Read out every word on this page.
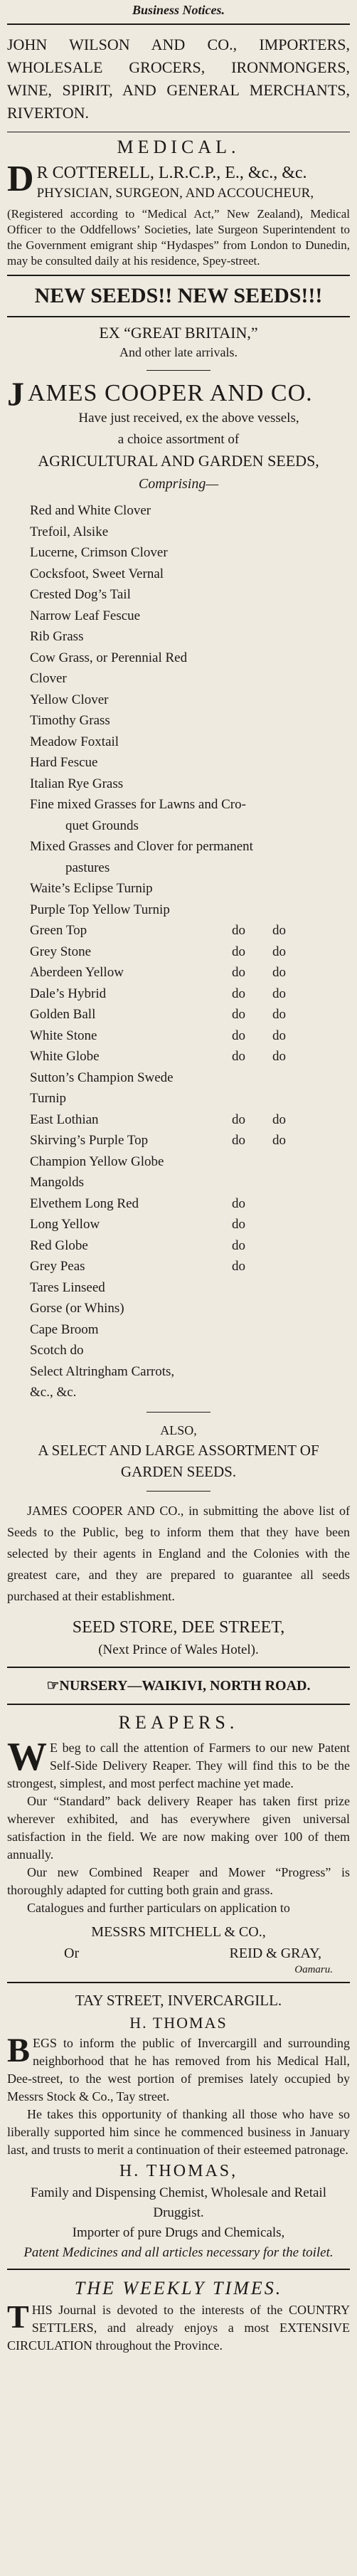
Business Notices.
JOHN WILSON AND CO., IMPORTERS, WHOLESALE GROCERS, IRONMONGERS, WINE, SPIRIT, AND GENERAL MERCHANTS, RIVERTON.
MEDICAL.

D R COTTERELL, L.R.C.P., E., &c., &c.

PHYSICIAN, SURGEON, AND ACCOUCHEUR,

(Registered according to “Medical Act,” New Zealand), Medical Officer to the Oddfellows’ Societies, late Surgeon Superintendent to the Government emigrant ship “Hydaspes” from London to Dunedin, may be consulted daily at his residence, Spey-street.

NEW SEEDS!! NEW SEEDS!!!
EX “GREAT BRITAIN,”
And other late arrivals.
J AMES COOPER AND CO.
Have just received, ex the above vessels,
a choice assortment of
AGRICULTURAL AND GARDEN SEEDS,
Comprising—
Red and White Clover
Trefoil, Alsike
Lucerne, Crimson Clover
Cocksfoot, Sweet Vernal
Crested Dog’s Tail
Narrow Leaf Fescue
Rib Grass
Cow Grass, or Perennial Red Clover
Yellow Clover
Timothy Grass
Meadow Foxtail
Hard Fescue
Italian Rye Grass
Fine mixed Grasses for Lawns and Cro-
quet Grounds
Mixed Grasses and Clover for permanent
pastures
Waite’s Eclipse Turnip
Purple Top Yellow Turnip
Green Top	do        do
Grey Stone	do        do
Aberdeen Yellow	do        do
Dale’s Hybrid	do        do
Golden Ball	do        do
White Stone	do        do
White Globe	do        do
Sutton’s Champion Swede Turnip
East Lothian	do        do
Skirving’s Purple Top	do        do
Champion Yellow Globe Mangolds
Elvethem Long Red	do
Long Yellow	do
Red Globe	do
Grey Peas	do
Tares Linseed
Gorse (or Whins)
Cape Broom
Scotch do
Select Altringham Carrots, &c., &c.
ALSO,
A SELECT AND LARGE ASSORTMENT OF GARDEN SEEDS.
JAMES COOPER AND CO., in submitting the above list of Seeds to the Public, beg to inform them that they have been selected by their agents in England and the Colonies with the greatest care, and they are prepared to guarantee all seeds purchased at their establishment.
SEED STORE, DEE STREET,
(Next Prince of Wales Hotel).
☞NURSERY—WAIKIVI, NORTH ROAD.
REAPERS.

W E beg to call the attention of Farmers to our new Patent Self-Side Delivery Reaper. They will find this to be the strongest, simplest, and most perfect machine yet made.

Our “Standard” back delivery Reaper has taken first prize wherever exhibited, and has everywhere given universal satisfaction in the field. We are now making over 100 of them annually.

Our new Combined Reaper and Mower “Progress” is thoroughly adapted for cutting both grain and grass.

Catalogues and further particulars on application to

MESSRS MITCHELL & CO.,
Or	REID & GRAY,
Oamaru.
TAY STREET, INVERCARGILL.
H. THOMAS

BEGS to inform the public of Invercargill and surrounding neighborhood that he has removed from his Medical Hall, Dee-street, to the west portion of premises lately occupied by Messrs Stock & Co., Tay street.

He takes this opportunity of thanking all those who have so liberally supported him since he commenced business in January last, and trusts to merit a continuation of their esteemed patronage.

H. THOMAS,
Family and Dispensing Chemist, Wholesale and Retail Druggist.
Importer of pure Drugs and Chemicals,
Patent Medicines and all articles necessary for the toilet.
THE WEEKLY TIMES.

THIS Journal is devoted to the interests of the COUNTRY SETTLERS, and already enjoys a most EXTENSIVE CIRCULATION throughout the Province.
